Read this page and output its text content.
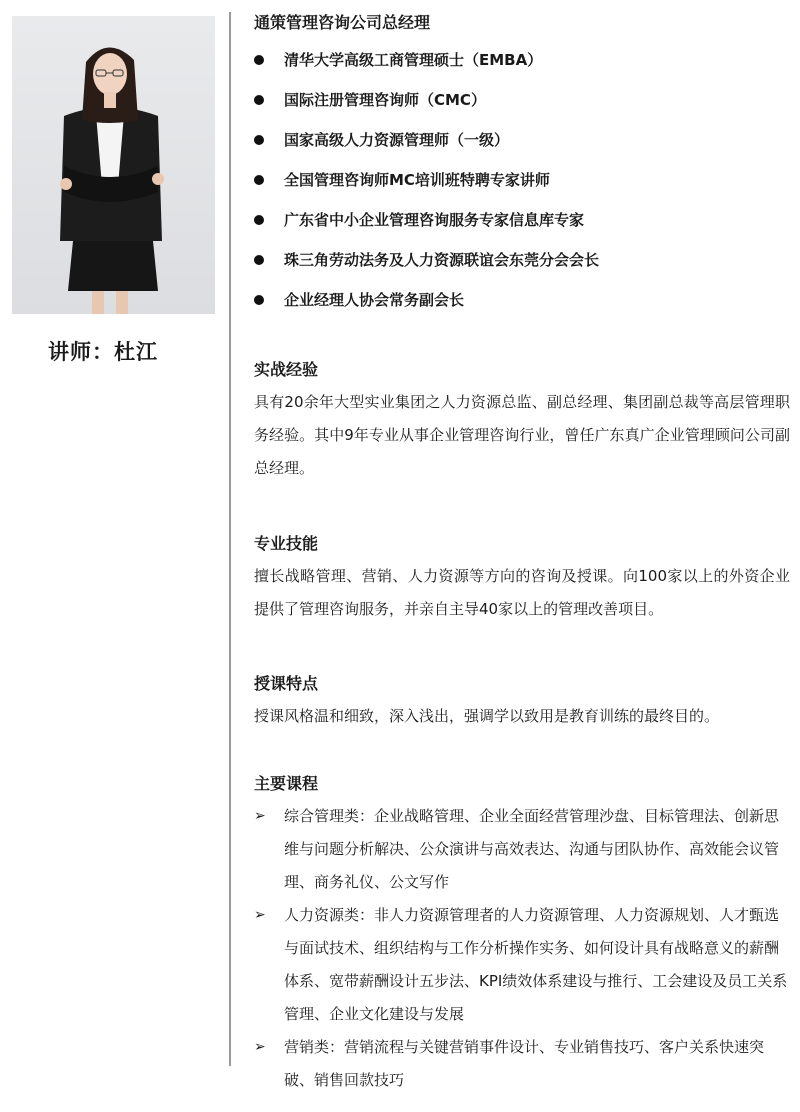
讲师：杜江
通策管理咨询公司总经理
清华大学高级工商管理硕士（EMBA）
国际注册管理咨询师（CMC）
国家高级人力资源管理师（一级）
全国管理咨询师MC培训班特聘专家讲师
广东省中小企业管理咨询服务专家信息库专家
珠三角劳动法务及人力资源联谊会东莞分会会长
企业经理人协会常务副会长
实战经验
具有20余年大型实业集团之人力资源总监、副总经理、集团副总裁等高层管理职务经验。其中9年专业从事企业管理咨询行业，曾任广东真广企业管理顾问公司副总经理。
专业技能
擅长战略管理、营销、人力资源等方向的咨询及授课。向100家以上的外资企业提供了管理咨询服务，并亲自主导40家以上的管理改善项目。
授课特点
授课风格温和细致，深入浅出，强调学以致用是教育训练的最终目的。
主要课程
➢ 综合管理类：企业战略管理、企业全面经营管理沙盘、目标管理法、创新思维与问题分析解决、公众演讲与高效表达、沟通与团队协作、高效能会议管理、商务礼仪、公文写作
➢ 人力资源类：非人力资源管理者的人力资源管理、人力资源规划、人才甄选与面试技术、组织结构与工作分析操作实务、如何设计具有战略意义的薪酬体系、宽带薪酬设计五步法、KPI绩效体系建设与推行、工会建设及员工关系管理、企业文化建设与发展
➢ 营销类：营销流程与关键营销事件设计、专业销售技巧、客户关系快速突破、销售回款技巧
